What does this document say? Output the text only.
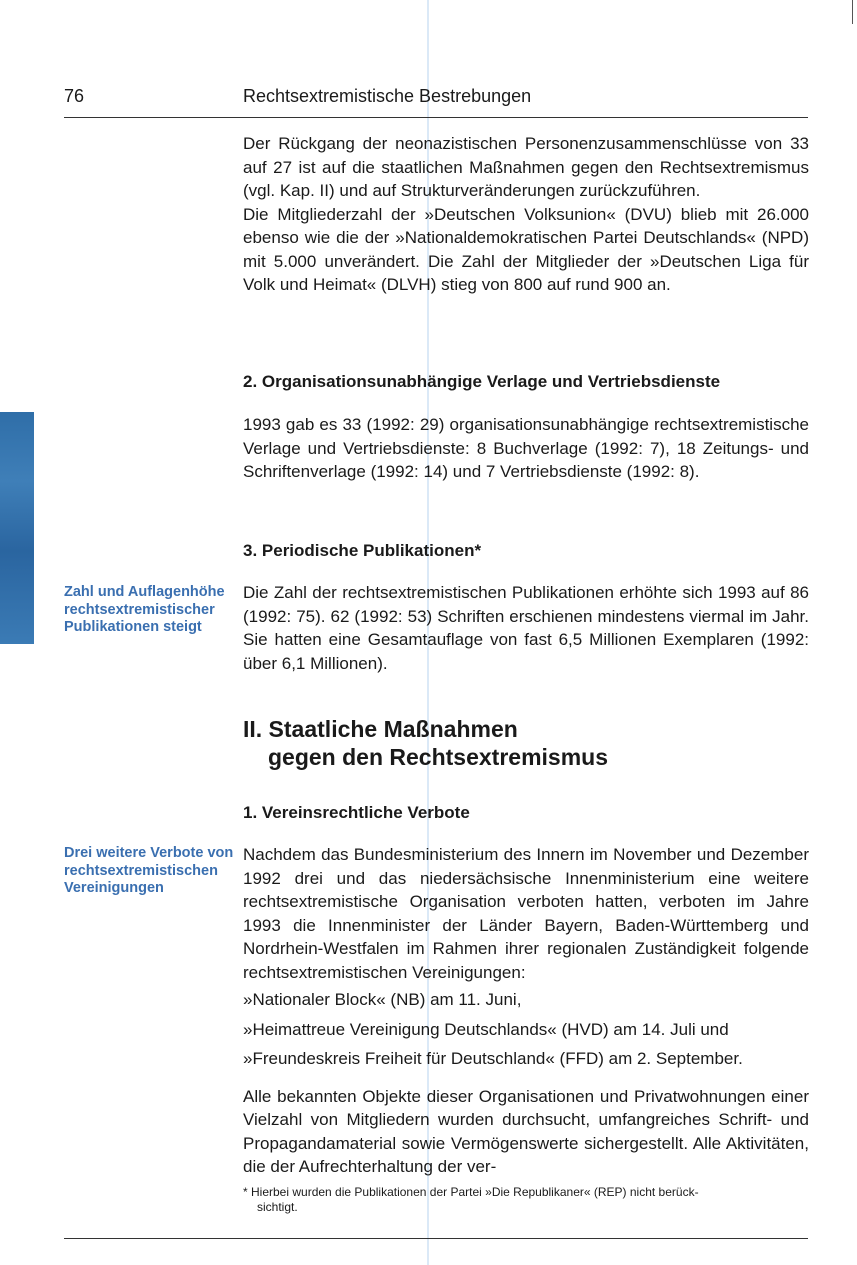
76	Rechtsextremistische Bestrebungen

Der Rückgang der neonazistischen Personenzusammenschlüsse von 33 auf 27 ist auf die staatlichen Maßnahmen gegen den Rechtsextremismus (vgl. Kap. II) und auf Strukturveränderungen zurückzuführen.

Die Mitgliederzahl der »Deutschen Volksunion« (DVU) blieb mit 26.000 ebenso wie die der »Nationaldemokratischen Partei Deutschlands« (NPD) mit 5.000 unverändert. Die Zahl der Mitglieder der »Deutschen Liga für Volk und Heimat« (DLVH) stieg von 800 auf rund 900 an.

2. Organisationsunabhängige Verlage und Vertriebsdienste

1993 gab es 33 (1992: 29) organisationsunabhängige rechtsextremistische Verlage und Vertriebsdienste: 8 Buchverlage (1992: 7), 18 Zeitungs- und Schriftenverlage (1992: 14) und 7 Vertriebsdienste (1992: 8).

3. Periodische Publikationen*
Zahl und Auflagenhöhe rechtsextremistischer Publikationen steigt

Die Zahl der rechtsextremistischen Publikationen erhöhte sich 1993 auf 86 (1992: 75). 62 (1992: 53) Schriften erschienen mindestens viermal im Jahr. Sie hatten eine Gesamtauflage von fast 6,5 Millionen Exemplaren (1992: über 6,1 Millionen).

II. Staatliche Maßnahmen
gegen den Rechtsextremismus
1. Vereinsrechtliche Verbote
Drei weitere Verbote von rechtsextremistischen Vereinigungen

Nachdem das Bundesministerium des Innern im November und Dezember 1992 drei und das niedersächsische Innenministerium eine weitere rechtsextremistische Organisation verboten hatten, verboten im Jahre 1993 die Innenminister der Länder Bayern, Baden-Württemberg und Nordrhein-Westfalen im Rahmen ihrer regionalen Zuständigkeit folgende rechtsextremistischen Vereinigungen:

»Nationaler Block« (NB) am 11. Juni,

»Heimattreue Vereinigung Deutschlands« (HVD) am 14. Juli und

»Freundeskreis Freiheit für Deutschland« (FFD) am 2. September.

Alle bekannten Objekte dieser Organisationen und Privatwohnungen einer Vielzahl von Mitgliedern wurden durchsucht, umfangreiches Schrift- und Propagandamaterial sowie Vermögenswerte sichergestellt. Alle Aktivitäten, die der Aufrechterhaltung der ver-

* Hierbei wurden die Publikationen der Partei »Die Republikaner« (REP) nicht berück-
sichtigt.
